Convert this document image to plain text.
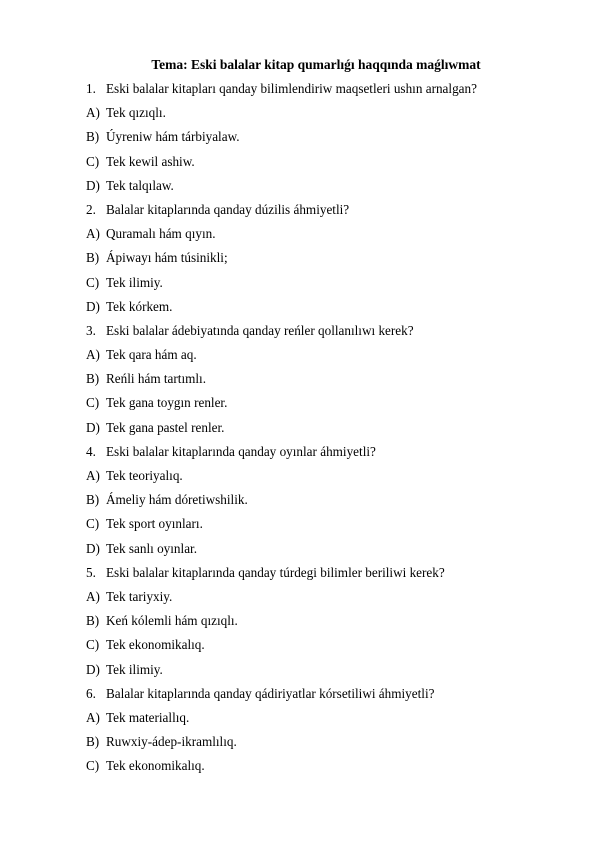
Tema: Eski balalar kitap qumarlıǵı haqqında maǵlıwmat
1. Eski balalar kitapları qanday bilimlendiriw maqsetleri ushın arnalgan?
A) Tek qızıqlı.
B) Úyreniw hám tárbiyalaw.
C) Tek kewil ashiw.
D) Tek talqılaw.
2. Balalar kitaplarında qanday dúzilis áhmiyetli?
A) Quramalı hám qıyın.
B) Ápiwayı hám túsinikli;
C) Tek ilimiy.
D) Tek kórkem.
3. Eski balalar ádebiyatında qanday reńler qollanılıwı kerek?
A) Tek qara hám aq.
B) Reńli hám tartımlı.
C) Tek gana toygın renler.
D) Tek gana pastel renler.
4. Eski balalar kitaplarında qanday oyınlar áhmiyetli?
A) Tek teoriyalıq.
B) Ámeliy hám dóretiwshilik.
C) Tek sport oyınları.
D) Tek sanlı oyınlar.
5. Eski balalar kitaplarında qanday túrdegi bilimler beriliwi kerek?
A) Tek tariyxiy.
B) Keń kólemli hám qızıqlı.
C) Tek ekonomikalıq.
D) Tek ilimiy.
6. Balalar kitaplarında qanday qádiriyatlar kórsetiliwi áhmiyetli?
A) Tek materiallıq.
B) Ruwxiy-ádep-ikramlılıq.
C) Tek ekonomikalıq.
